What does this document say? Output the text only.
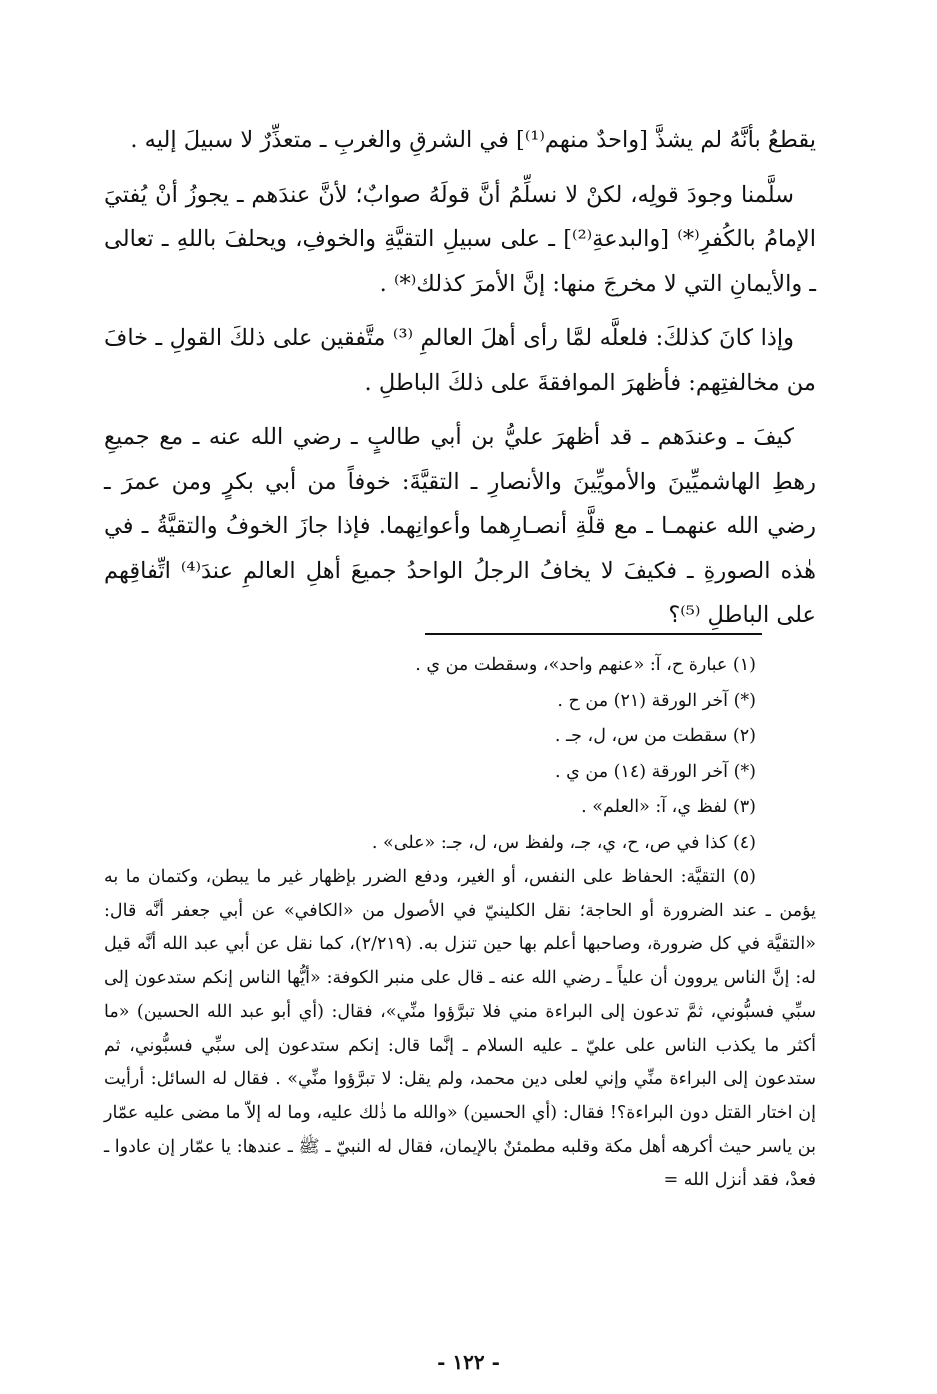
يقطعُ بأنَّهُ لم يشذَّ [واحدٌ منهم⁽¹⁾] في الشرقِ والغربِ ـ متعذِّرٌ لا سبيلَ إليه .

سلَّمنا وجودَ قولِه، لكنْ لا نسلِّمُ أنَّ قولَهُ صوابٌ؛ لأنَّ عندَهم ـ يجوزُ أنْ يُفتيَ الإمامُ بالكُفرِ⁽*⁾ [والبدعةِ⁽²⁾] ـ على سبيلِ التقيَّةِ والخوفِ، ويحلفَ باللهِ ـ تعالى ـ والأيمانِ التي لا مخرجَ منها: إنَّ الأمرَ كذلك⁽*⁾ .

وإذا كانَ كذلكَ: فلعلَّه لمَّا رأى أهلَ العالمِ ⁽³⁾ متَّفقين على ذلكَ القولِ ـ خافَ من مخالفتِهم: فأظهرَ الموافقةَ على ذلكَ الباطلِ .

كيفَ ـ وعندَهم ـ قد أظهرَ عليُّ بن أبي طالبٍ ـ رضي الله عنه ـ مع جميعِ رهطِ الهاشميِّينَ والأمويِّينَ والأنصارِ ـ التقيَّةَ: خوفاً من أبي بكرٍ ومن عمرَ ـ رضي الله عنهمـا ـ مع قلَّةِ أنصـارِهما وأعوانِهما. فإذا جازَ الخوفُ والتقيَّةُ ـ في هٰذه الصورةِ ـ فكيفَ لا يخافُ الرجلُ الواحدُ جميعَ أهلِ العالمِ عندَ⁽⁴⁾ اتِّفاقِهم على الباطلِ ⁽⁵⁾؟

(١) عبارة ح، آ: «عنهم واحد»، وسقطت من ي .

(*) آخر الورقة (٢١) من ح .

(٢) سقطت من س، ل، جـ .

(*) آخر الورقة (١٤) من ي .

(٣) لفظ ي، آ: «العلم» .

(٤) كذا في ص، ح، ي، جـ، ولفظ س، ل، جـ: «على» .

(٥) التقيَّة: الحفاظ على النفس، أو الغير، ودفع الضرر بإظهار غير ما يبطن، وكتمان ما به يؤمن ـ عند الضرورة أو الحاجة؛ نقل الكلينيّ في الأصول من «الكافي» عن أبي جعفر أنَّه قال: «التقيَّة في كل ضرورة، وصاحبها أعلم بها حين تنزل به. (٢/٢١٩)، كما نقل عن أبي عبد الله أنَّه قيل له: إنَّ الناس يروون أن علياً ـ رضي الله عنه ـ قال على منبر الكوفة: «أيُّها الناس إنكم ستدعون إلى سبِّي فسبُّوني، ثمَّ تدعون إلى البراءة مني فلا تبرَّؤوا منِّي»، فقال: (أي أبو عبد الله الحسين) «ما أكثر ما يكذب الناس على عليّ ـ عليه السلام ـ إنَّما قال: إنكم ستدعون إلى سبِّي فسبُّوني، ثم ستدعون إلى البراءة منِّي وإني لعلى دين محمد، ولم يقل: لا تبرَّؤوا منِّي» . فقال له السائل: أرأيت إن اختار القتل دون البراءة؟! فقال: (أي الحسين) «والله ما ذٰلك عليه، وما له إلاّ ما مضى عليه عمّار بن ياسر حيث أكرهه أهل مكة وقلبه مطمئنٌ بالإيمان، فقال له النبيّ ـ ﷺ ـ عندها: يا عمّار إن عادوا ـ فعدْ، فقد أنزل الله =

- ١٢٢ -
